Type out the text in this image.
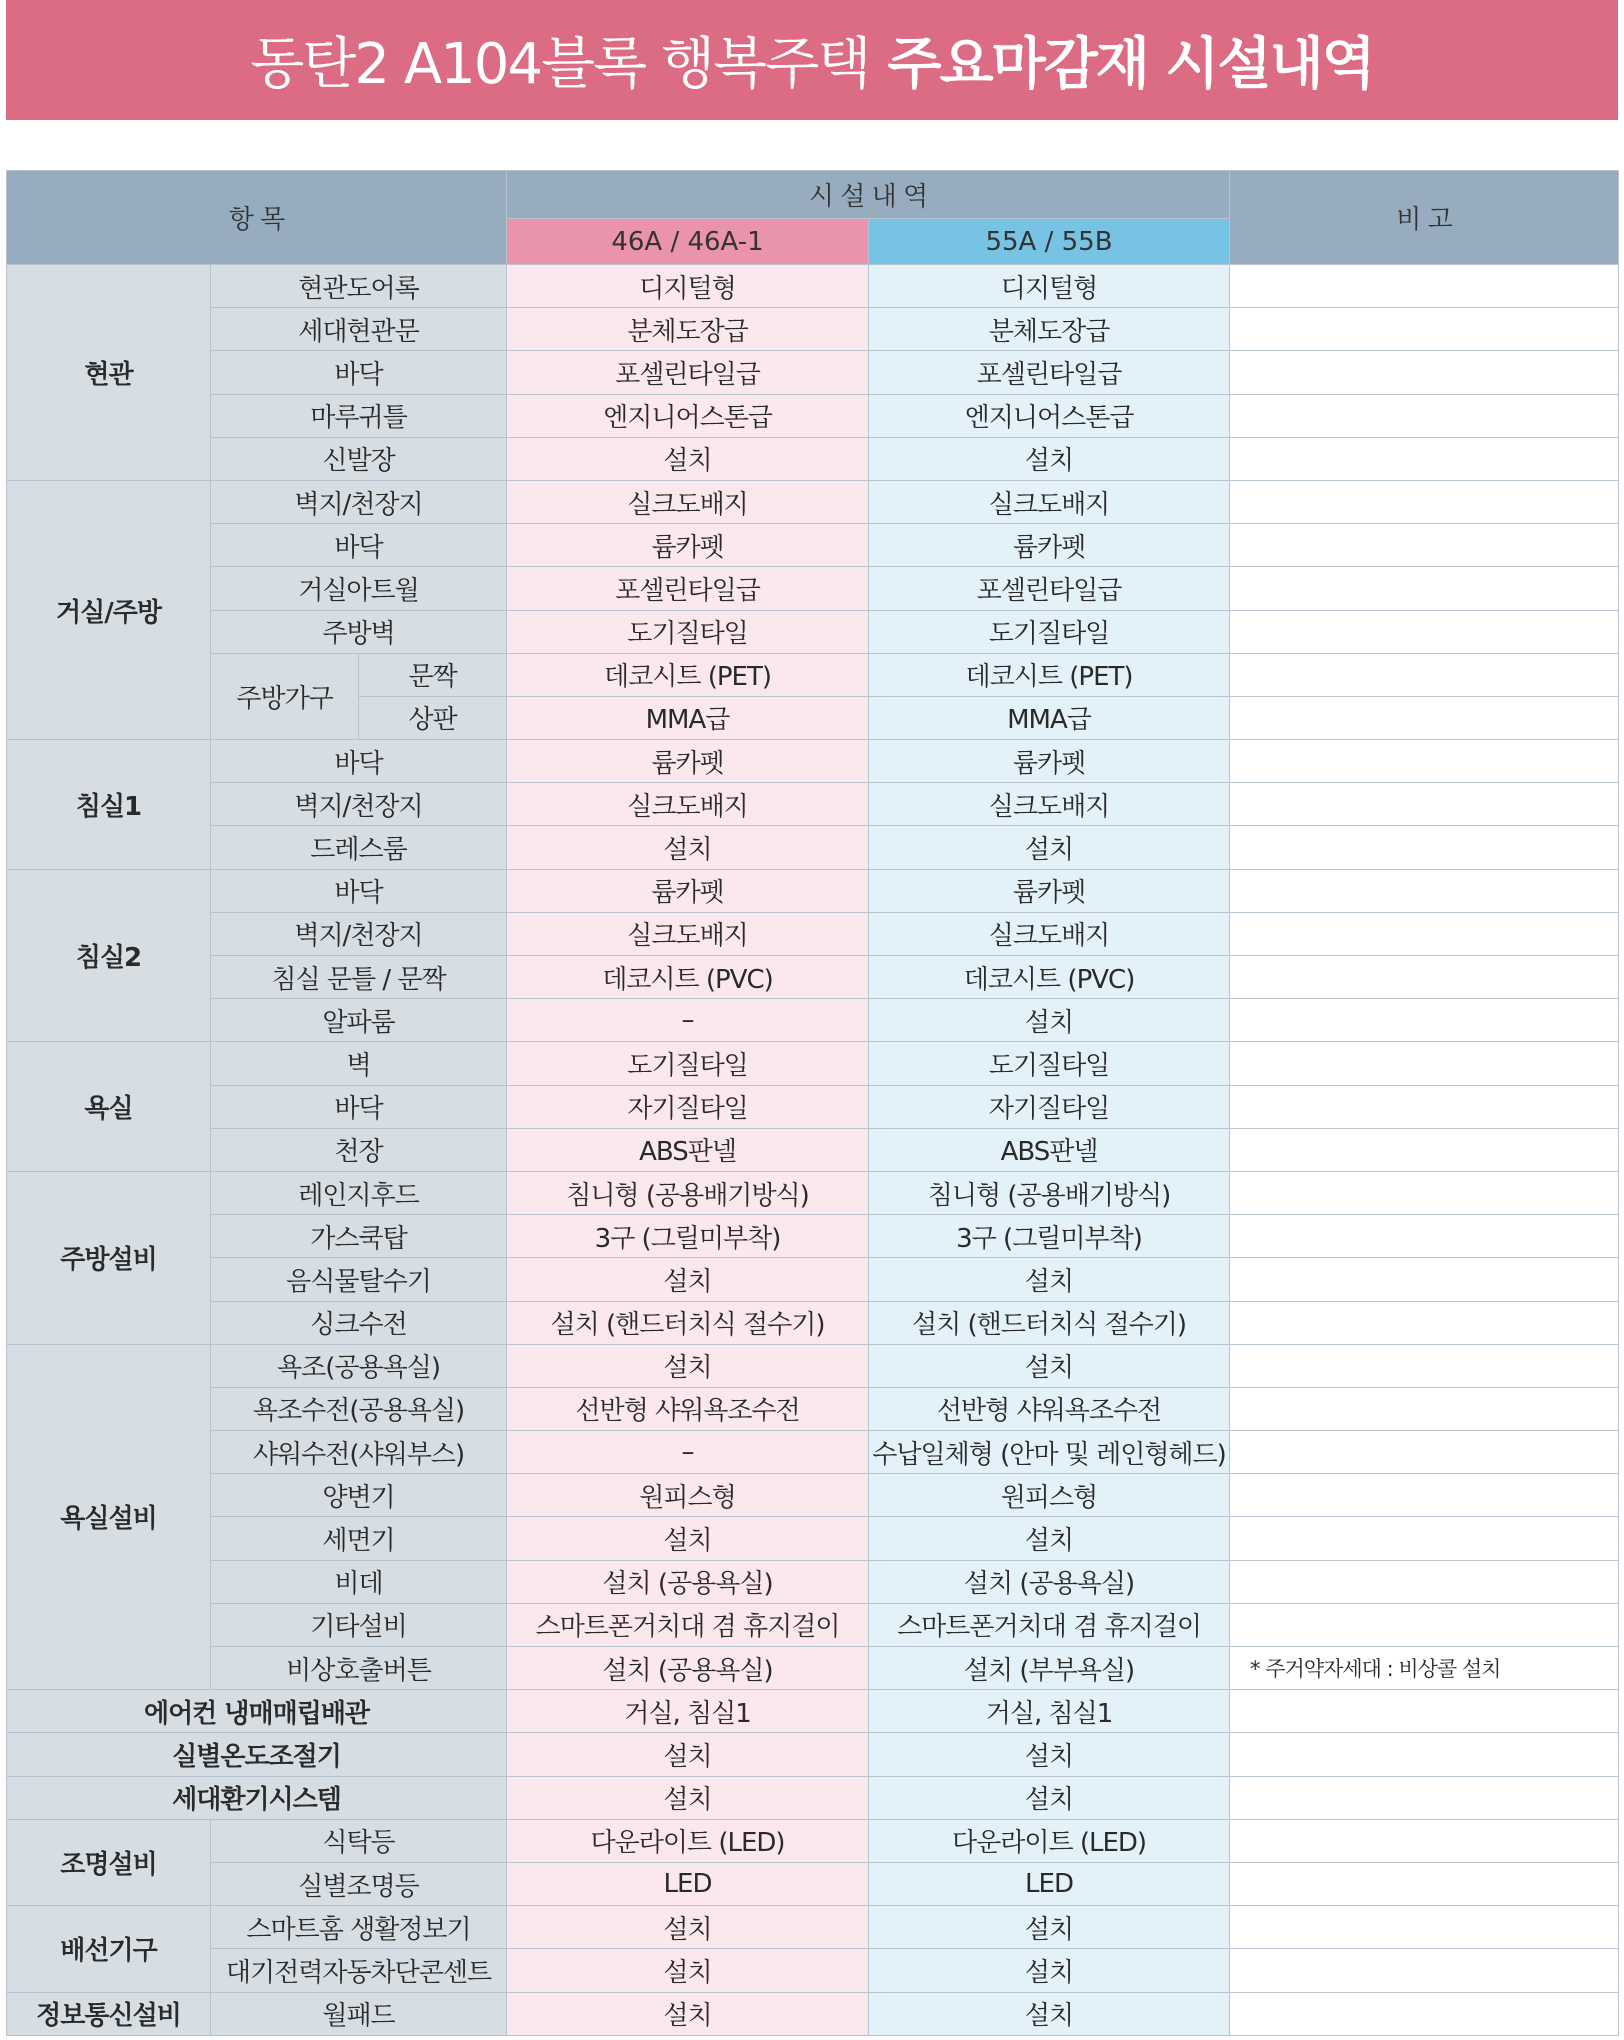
동탄2 A104블록 행복주택 주요마감재 시설내역
항 목			시 설 내 역		비 고
			46A / 46A-1	55A / 55B	
현관	현관도어록		디지털형	디지털형	
	세대현관문		분체도장급	분체도장급	
	바닥		포셀린타일급	포셀린타일급	
	마루귀틀		엔지니어스톤급	엔지니어스톤급	
	신발장		설치	설치	
거실/주방	벽지/천장지		실크도배지	실크도배지	
	바닥		륨카펫	륨카펫	
	거실아트월		포셀린타일급	포셀린타일급	
	주방벽		도기질타일	도기질타일	
	주방가구	문짝	데코시트 (PET)	데코시트 (PET)	
		상판	MMA급	MMA급	
침실1	바닥		륨카펫	륨카펫	
	벽지/천장지		실크도배지	실크도배지	
	드레스룸		설치	설치	
침실2	바닥		륨카펫	륨카펫	
	벽지/천장지		실크도배지	실크도배지	
	침실 문틀 / 문짝		데코시트 (PVC)	데코시트 (PVC)	
	알파룸		–	설치	
욕실	벽		도기질타일	도기질타일	
	바닥		자기질타일	자기질타일	
	천장		ABS판넬	ABS판넬	
주방설비	레인지후드		침니형 (공용배기방식)	침니형 (공용배기방식)	
	가스쿡탑		3구 (그릴미부착)	3구 (그릴미부착)	
	음식물탈수기		설치	설치	
	싱크수전		설치 (핸드터치식 절수기)	설치 (핸드터치식 절수기)	
욕실설비	욕조(공용욕실)		설치	설치	
	욕조수전(공용욕실)		선반형 샤워욕조수전	선반형 샤워욕조수전	
	샤워수전(샤워부스)		–	수납일체형 (안마 및 레인형헤드)	
	양변기		원피스형	원피스형	
	세면기		설치	설치	
	비데		설치 (공용욕실)	설치 (공용욕실)	
	기타설비		스마트폰거치대 겸 휴지걸이	스마트폰거치대 겸 휴지걸이	
	비상호출버튼		설치 (공용욕실)	설치 (부부욕실)	* 주거약자세대 : 비상콜 설치
에어컨 냉매매립배관			거실, 침실1	거실, 침실1	
실별온도조절기			설치	설치	
세대환기시스템			설치	설치	
조명설비	식탁등		다운라이트 (LED)	다운라이트 (LED)	
	실별조명등		LED	LED	
배선기구	스마트홈 생활정보기		설치	설치	
	대기전력자동차단콘센트		설치	설치	
정보통신설비	월패드		설치	설치	
